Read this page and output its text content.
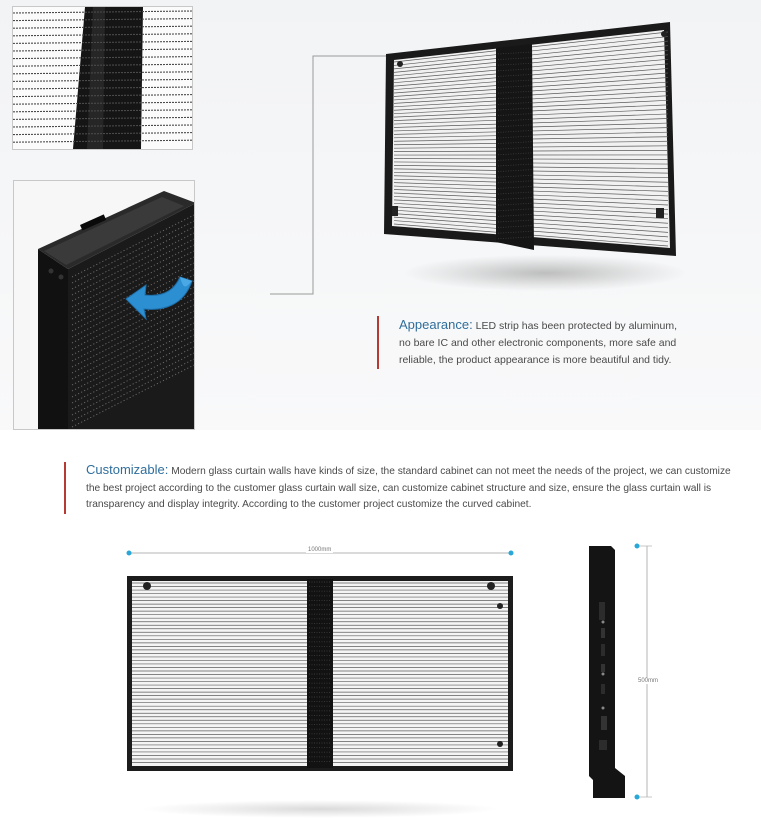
Appearance: LED strip has been protected by aluminum,
no bare IC and other electronic components, more safe and
reliable, the product appearance is more beautiful and tidy.
Customizable: Modern glass curtain walls have kinds of size, the standard cabinet can not meet the needs of the project, we can customize
the best project according to the customer glass curtain wall size, can customize cabinet structure and size, ensure the glass curtain wall is
transparency and display integrity. According to the customer project customize the curved cabinet.
1000mm
500mm
